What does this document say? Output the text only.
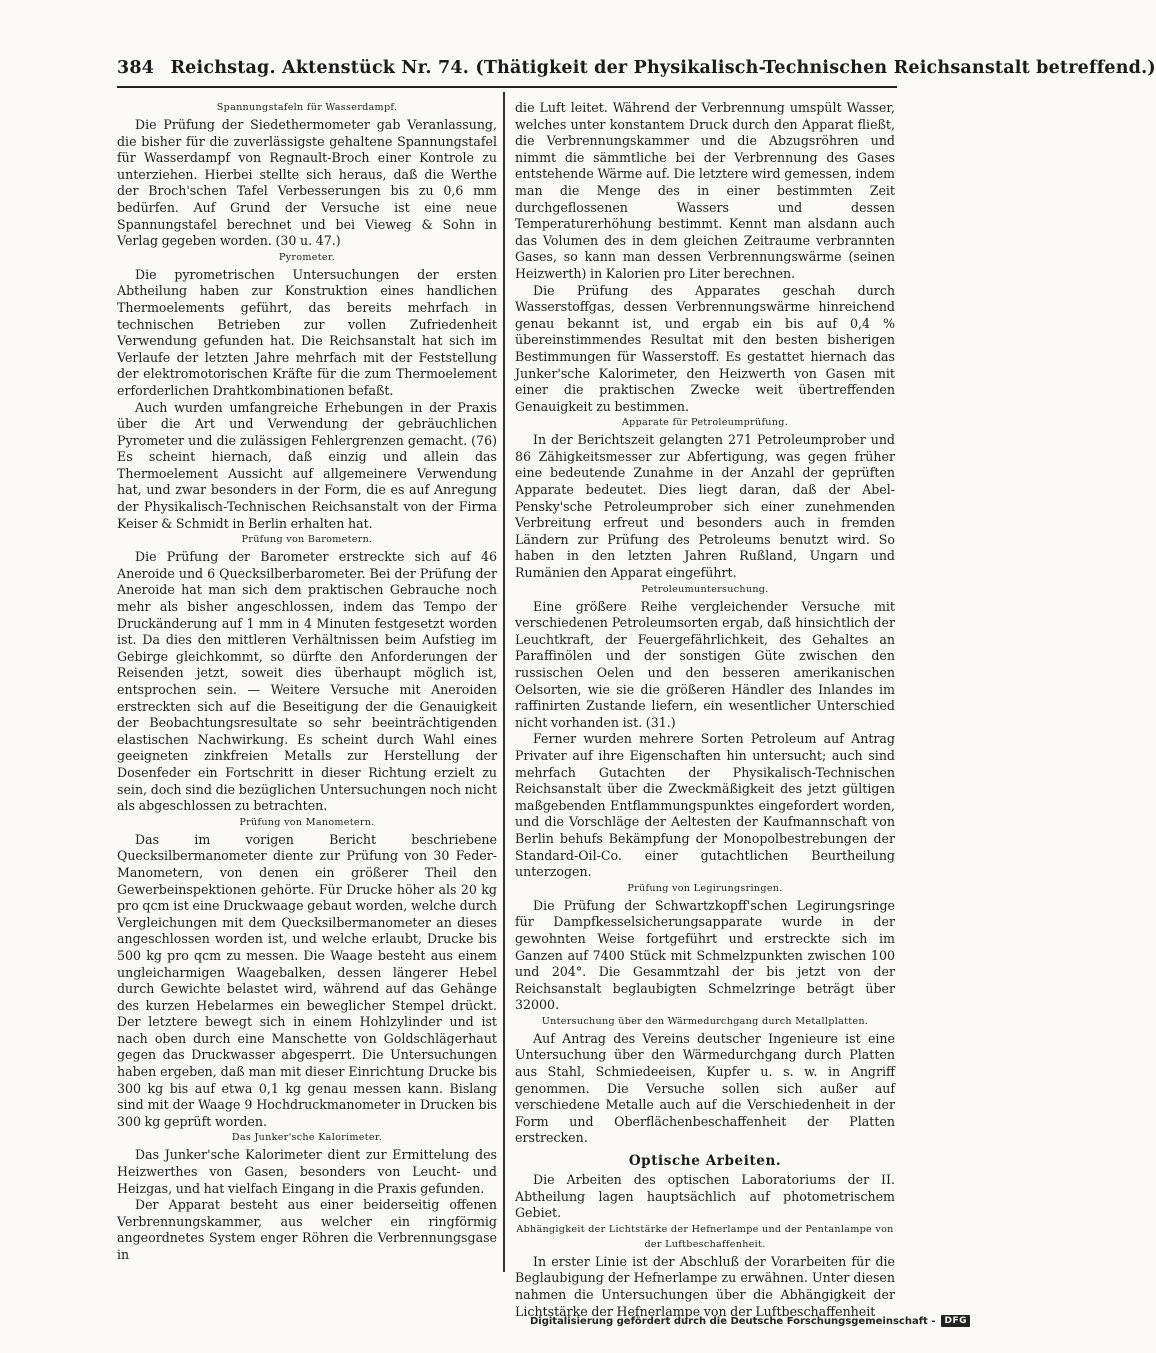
384 Reichstag. Aktenstück Nr. 74. (Thätigkeit der Physikalisch-Technischen Reichsanstalt betreffend.)
Spannungstafeln für Wasserdampf.

Die Prüfung der Siedethermometer gab Veranlassung, die bisher für die zuverlässigste gehaltene Spannungstafel für Wasserdampf von Regnault-Broch einer Kontrole zu unterziehen. Hierbei stellte sich heraus, daß die Werthe der Broch'schen Tafel Verbesserungen bis zu 0,6 mm bedürfen. Auf Grund der Versuche ist eine neue Spannungstafel berechnet und bei Vieweg & Sohn in Verlag gegeben worden. (30 u. 47.)

Pyrometer.

Die pyrometrischen Untersuchungen der ersten Abtheilung haben zur Konstruktion eines handlichen Thermoelements geführt, das bereits mehrfach in technischen Betrieben zur vollen Zufriedenheit Verwendung gefunden hat. Die Reichsanstalt hat sich im Verlaufe der letzten Jahre mehrfach mit der Feststellung der elektromotorischen Kräfte für die zum Thermoelement erforderlichen Drahtkombinationen befaßt.

Auch wurden umfangreiche Erhebungen in der Praxis über die Art und Verwendung der gebräuchlichen Pyrometer und die zulässigen Fehlergrenzen gemacht. (76) Es scheint hiernach, daß einzig und allein das Thermoelement Aussicht auf allgemeinere Verwendung hat, und zwar besonders in der Form, die es auf Anregung der Physikalisch-Technischen Reichsanstalt von der Firma Keiser & Schmidt in Berlin erhalten hat.

Prüfung von Barometern.

Die Prüfung der Barometer erstreckte sich auf 46 Aneroide und 6 Quecksilberbarometer. Bei der Prüfung der Aneroide hat man sich dem praktischen Gebrauche noch mehr als bisher angeschlossen, indem das Tempo der Druckänderung auf 1 mm in 4 Minuten festgesetzt worden ist. Da dies den mittleren Verhältnissen beim Aufstieg im Gebirge gleichkommt, so dürfte den Anforderungen der Reisenden jetzt, soweit dies überhaupt möglich ist, entsprochen sein. — Weitere Versuche mit Aneroiden erstreckten sich auf die Beseitigung der die Genauigkeit der Beobachtungsresultate so sehr beeinträchtigenden elastischen Nachwirkung. Es scheint durch Wahl eines geeigneten zinkfreien Metalls zur Herstellung der Dosenfeder ein Fortschritt in dieser Richtung erzielt zu sein, doch sind die bezüglichen Untersuchungen noch nicht als abgeschlossen zu betrachten.

Prüfung von Manometern.

Das im vorigen Bericht beschriebene Quecksilbermanometer diente zur Prüfung von 30 Feder-Manometern, von denen ein größerer Theil den Gewerbeinspektionen gehörte. Für Drucke höher als 20 kg pro qcm ist eine Druckwaage gebaut worden, welche durch Vergleichungen mit dem Quecksilbermanometer an dieses angeschlossen worden ist, und welche erlaubt, Drucke bis 500 kg pro qcm zu messen. Die Waage besteht aus einem ungleicharmigen Waagebalken, dessen längerer Hebel durch Gewichte belastet wird, während auf das Gehänge des kurzen Hebelarmes ein beweglicher Stempel drückt. Der letztere bewegt sich in einem Hohlzylinder und ist nach oben durch eine Manschette von Goldschlägerhaut gegen das Druckwasser abgesperrt. Die Untersuchungen haben ergeben, daß man mit dieser Einrichtung Drucke bis 300 kg bis auf etwa 0,1 kg genau messen kann. Bislang sind mit der Waage 9 Hochdruckmanometer in Drucken bis 300 kg geprüft worden.

Das Junker'sche Kalorimeter.

Das Junker'sche Kalorimeter dient zur Ermittelung des Heizwerthes von Gasen, besonders von Leucht- und Heizgas, und hat vielfach Eingang in die Praxis gefunden.

Der Apparat besteht aus einer beiderseitig offenen Verbrennungskammer, aus welcher ein ringförmig angeordnetes System enger Röhren die Verbrennungsgase in

die Luft leitet. Während der Verbrennung umspült Wasser, welches unter konstantem Druck durch den Apparat fließt, die Verbrennungskammer und die Abzugsröhren und nimmt die sämmtliche bei der Verbrennung des Gases entstehende Wärme auf. Die letztere wird gemessen, indem man die Menge des in einer bestimmten Zeit durchgeflossenen Wassers und dessen Temperaturerhöhung bestimmt. Kennt man alsdann auch das Volumen des in dem gleichen Zeitraume verbrannten Gases, so kann man dessen Verbrennungswärme (seinen Heizwerth) in Kalorien pro Liter berechnen.

Die Prüfung des Apparates geschah durch Wasserstoffgas, dessen Verbrennungswärme hinreichend genau bekannt ist, und ergab ein bis auf 0,4 % übereinstimmendes Resultat mit den besten bisherigen Bestimmungen für Wasserstoff. Es gestattet hiernach das Junker'sche Kalorimeter, den Heizwerth von Gasen mit einer die praktischen Zwecke weit übertreffenden Genauigkeit zu bestimmen.

Apparate für Petroleumprüfung.

In der Berichtszeit gelangten 271 Petroleumprober und 86 Zähigkeitsmesser zur Abfertigung, was gegen früher eine bedeutende Zunahme in der Anzahl der geprüften Apparate bedeutet. Dies liegt daran, daß der Abel-Pensky'sche Petroleumprober sich einer zunehmenden Verbreitung erfreut und besonders auch in fremden Ländern zur Prüfung des Petroleums benutzt wird. So haben in den letzten Jahren Rußland, Ungarn und Rumänien den Apparat eingeführt.

Petroleumuntersuchung.

Eine größere Reihe vergleichender Versuche mit verschiedenen Petroleumsorten ergab, daß hinsichtlich der Leuchtkraft, der Feuergefährlichkeit, des Gehaltes an Paraffinölen und der sonstigen Güte zwischen den russischen Oelen und den besseren amerikanischen Oelsorten, wie sie die größeren Händler des Inlandes im raffinirten Zustande liefern, ein wesentlicher Unterschied nicht vorhanden ist. (31.)

Ferner wurden mehrere Sorten Petroleum auf Antrag Privater auf ihre Eigenschaften hin untersucht; auch sind mehrfach Gutachten der Physikalisch-Technischen Reichsanstalt über die Zweckmäßigkeit des jetzt gültigen maßgebenden Entflammungspunktes eingefordert worden, und die Vorschläge der Aeltesten der Kaufmannschaft von Berlin behufs Bekämpfung der Monopolbestrebungen der Standard-Oil-Co. einer gutachtlichen Beurtheilung unterzogen.

Prüfung von Legirungsringen.

Die Prüfung der Schwartzkopff'schen Legirungsringe für Dampfkesselsicherungsapparate wurde in der gewohnten Weise fortgeführt und erstreckte sich im Ganzen auf 7400 Stück mit Schmelzpunkten zwischen 100 und 204°. Die Gesammtzahl der bis jetzt von der Reichsanstalt beglaubigten Schmelzringe beträgt über 32000.

Untersuchung über den Wärmedurchgang durch Metallplatten.

Auf Antrag des Vereins deutscher Ingenieure ist eine Untersuchung über den Wärmedurchgang durch Platten aus Stahl, Schmiedeeisen, Kupfer u. s. w. in Angriff genommen. Die Versuche sollen sich außer auf verschiedene Metalle auch auf die Verschiedenheit in der Form und Oberflächenbeschaffenheit der Platten erstrecken.

Optische Arbeiten.

Die Arbeiten des optischen Laboratoriums der II. Abtheilung lagen hauptsächlich auf photometrischem Gebiet.

Abhängigkeit der Lichtstärke der Hefnerlampe und der Pentanlampe von der Luftbeschaffenheit.

In erster Linie ist der Abschluß der Vorarbeiten für die Beglaubigung der Hefnerlampe zu erwähnen. Unter diesen nahmen die Untersuchungen über die Abhängigkeit der Lichtstärke der Hefnerlampe von der Luftbeschaffenheit

Digitalisierung gefördert durch die Deutsche Forschungsgemeinschaft -	DFG
